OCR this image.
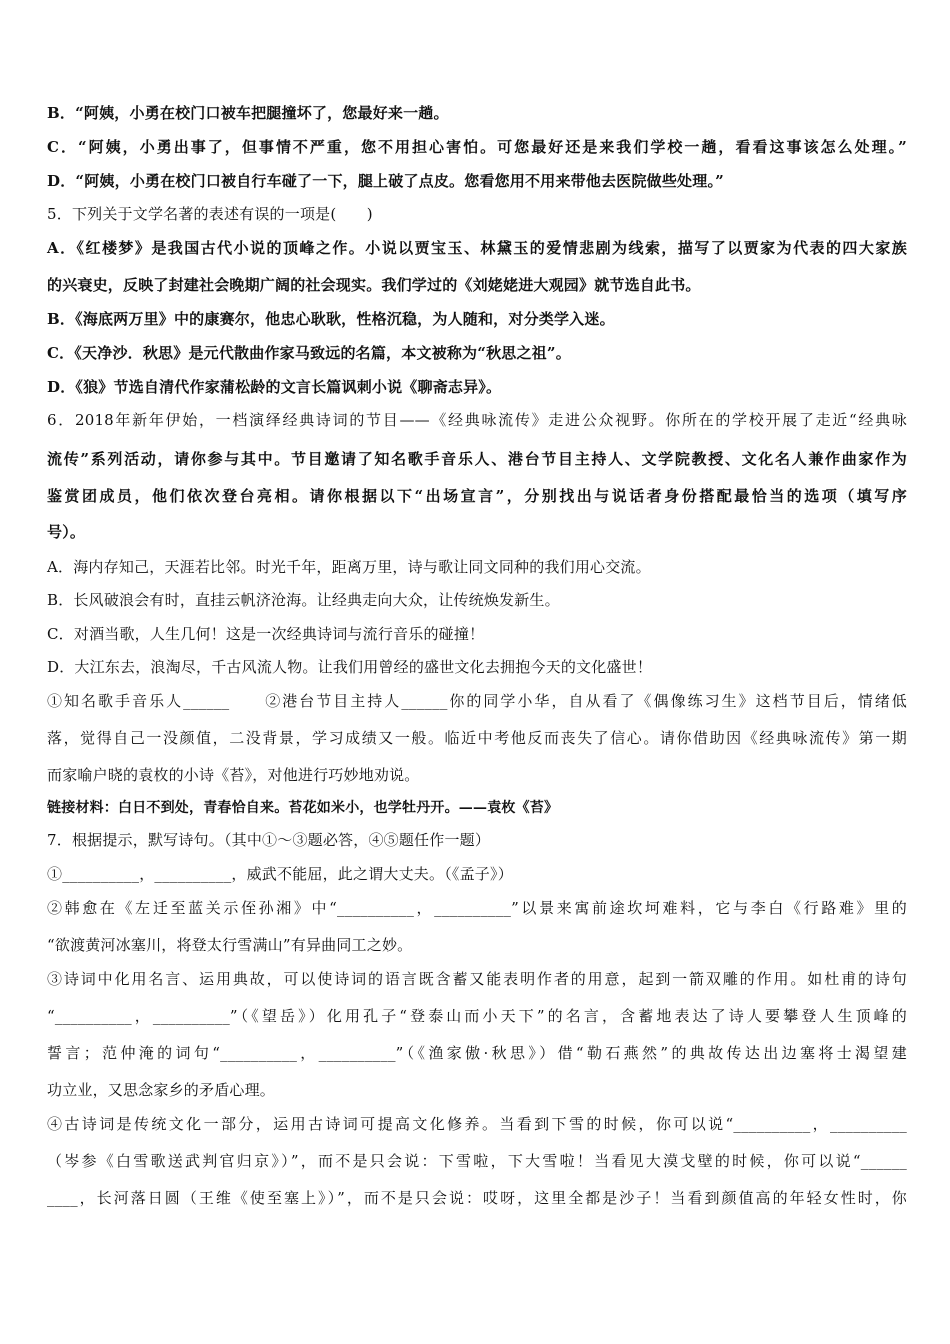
B．“阿姨，小勇在校门口被车把腿撞坏了，您最好来一趟。
C．“阿姨，小勇出事了，但事情不严重，您不用担心害怕。可您最好还是来我们学校一趟，看看这事该怎么处理。”
D．“阿姨，小勇在校门口被自行车碰了一下，腿上破了点皮。您看您用不用来带他去医院做些处理。”
5．下列关于文学名著的表述有误的一项是(　　)
A．《红楼梦》是我国古代小说的顶峰之作。小说以贾宝玉、林黛玉的爱情悲剧为线索，描写了以贾家为代表的四大家族
的兴衰史，反映了封建社会晚期广阔的社会现实。我们学过的《刘姥姥进大观园》就节选自此书。
B．《海底两万里》中的康赛尔，他忠心耿耿，性格沉稳，为人随和，对分类学入迷。
C．《天净沙．秋思》是元代散曲作家马致远的名篇，本文被称为“秋思之祖”。
D．《狼》节选自清代作家蒲松龄的文言长篇讽刺小说《聊斋志异》。
6．2018年新年伊始，一档演绎经典诗词的节目——《经典咏流传》走进公众视野。你所在的学校开展了走近“经典咏
流传”系列活动，请你参与其中。节目邀请了知名歌手音乐人、港台节目主持人、文学院教授、文化名人兼作曲家作为
鉴赏团成员，他们依次登台亮相。请你根据以下“出场宣言”，分别找出与说话者身份搭配最恰当的选项（填写序
号）。
A．海内存知己，天涯若比邻。时光千年，距离万里，诗与歌让同文同种的我们用心交流。
B．长风破浪会有时，直挂云帆济沧海。让经典走向大众，让传统焕发新生。
C．对酒当歌，人生几何！这是一次经典诗词与流行音乐的碰撞！
D．大江东去，浪淘尽，千古风流人物。让我们用曾经的盛世文化去拥抱今天的文化盛世！
①知名歌手音乐人______　　②港台节目主持人______你的同学小华，自从看了《偶像练习生》这档节目后，情绪低
落，觉得自己一没颜值，二没背景，学习成绩又一般。临近中考他反而丧失了信心。请你借助因《经典咏流传》第一期
而家喻户晓的袁枚的小诗《苔》，对他进行巧妙地劝说。
链接材料：白日不到处，青春恰自来。苔花如米小，也学牡丹开。——袁枚《苔》
7．根据提示，默写诗句。（其中①～③题必答，④⑤题任作一题）
①__________，__________，威武不能屈，此之谓大丈夫。（《孟子》）
②韩愈在《左迁至蓝关示侄孙湘》中“__________，__________”以景来寓前途坎坷难料，它与李白《行路难》里的
“欲渡黄河冰塞川，将登太行雪满山”有异曲同工之妙。
③诗词中化用名言、运用典故，可以使诗词的语言既含蓄又能表明作者的用意，起到一箭双雕的作用。如杜甫的诗句
“__________，__________”（《望岳》）化用孔子“登泰山而小天下”的名言，含蓄地表达了诗人要攀登人生顶峰的
誓言；范仲淹的词句“__________，__________”（《渔家傲·秋思》）借“勒石燕然”的典故传达出边塞将士渴望建
功立业，又思念家乡的矛盾心理。
④古诗词是传统文化一部分，运用古诗词可提高文化修养。当看到下雪的时候，你可以说“__________，__________
（岑参《白雪歌送武判官归京》）”，而不是只会说：下雪啦，下大雪啦！当看见大漠戈壁的时候，你可以说“______
____，长河落日圆（王维《使至塞上》）”，而不是只会说：哎呀，这里全都是沙子！当看到颜值高的年轻女性时，你
